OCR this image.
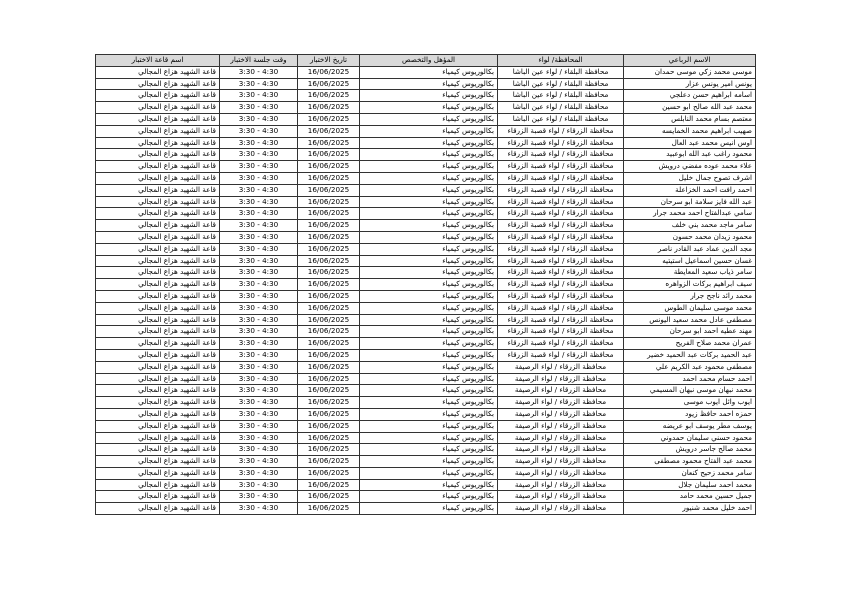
اسم قاعة الاختبار	وقت جلسة الاختبار	تاريخ الاختبار	المؤهل والتخصص	المحافظة/ لواء	الاسم الرباعي
قاعة الشهيد هزاع المجالي	3:30 - 4:30	16/06/2025	بكالوريوس كيمياء	محافظة البلقاء / لواء عين الباشا	موسى محمد زكي موسى حمدان
قاعة الشهيد هزاع المجالي	3:30 - 4:30	16/06/2025	بكالوريوس كيمياء	محافظة البلقاء / لواء عين الباشا	يونس امير يونس عزار
قاعة الشهيد هزاع المجالي	3:30 - 4:30	16/06/2025	بكالوريوس كيمياء	محافظة البلقاء / لواء عين الباشا	اسامه ابراهيم حسن دعلجي
قاعة الشهيد هزاع المجالي	3:30 - 4:30	16/06/2025	بكالوريوس كيمياء	محافظة البلقاء / لواء عين الباشا	محمد عبد الله صالح ابو حسين
قاعة الشهيد هزاع المجالي	3:30 - 4:30	16/06/2025	بكالوريوس كيمياء	محافظة البلقاء / لواء عين الباشا	معتصم بسام محمد النابلس
قاعة الشهيد هزاع المجالي	3:30 - 4:30	16/06/2025	بكالوريوس كيمياء	محافظة الزرقاء / لواء قصبة الزرقاء	صهيب ابراهيم محمد الخمايسه
قاعة الشهيد هزاع المجالي	3:30 - 4:30	16/06/2025	بكالوريوس كيمياء	محافظة الزرقاء / لواء قصبة الزرقاء	اوس انيس محمد عبد العال
قاعة الشهيد هزاع المجالي	3:30 - 4:30	16/06/2025	بكالوريوس كيمياء	محافظة الزرقاء / لواء قصبة الزرقاء	محمود راغب عبد الله ابوعبيد
قاعة الشهيد هزاع المجالي	3:30 - 4:30	16/06/2025	بكالوريوس كيمياء	محافظة الزرقاء / لواء قصبة الزرقاء	علاء محمد عوده مفضي درويش
قاعة الشهيد هزاع المجالي	3:30 - 4:30	16/06/2025	بكالوريوس كيمياء	محافظة الزرقاء / لواء قصبة الزرقاء	اشرف تصوح جمال خليل
قاعة الشهيد هزاع المجالي	3:30 - 4:30	16/06/2025	بكالوريوس كيمياء	محافظة الزرقاء / لواء قصبة الزرقاء	احمد رافت احمد الخزاعلة
قاعة الشهيد هزاع المجالي	3:30 - 4:30	16/06/2025	بكالوريوس كيمياء	محافظة الزرقاء / لواء قصبة الزرقاء	عبد الله فايز سلامة ابو سرحان
قاعة الشهيد هزاع المجالي	3:30 - 4:30	16/06/2025	بكالوريوس كيمياء	محافظة الزرقاء / لواء قصبة الزرقاء	سامي عبدالفتاح احمد محمد جرار
قاعة الشهيد هزاع المجالي	3:30 - 4:30	16/06/2025	بكالوريوس كيمياء	محافظة الزرقاء / لواء قصبة الزرقاء	سامر ماجد محمد بني خلف
قاعة الشهيد هزاع المجالي	3:30 - 4:30	16/06/2025	بكالوريوس كيمياء	محافظة الزرقاء / لواء قصبة الزرقاء	محمود زيدان محمد حسون
قاعة الشهيد هزاع المجالي	3:30 - 4:30	16/06/2025	بكالوريوس كيمياء	محافظة الزرقاء / لواء قصبة الزرقاء	مجد الدين عماد عبد القادر ناصر
قاعة الشهيد هزاع المجالي	3:30 - 4:30	16/06/2025	بكالوريوس كيمياء	محافظة الزرقاء / لواء قصبة الزرقاء	غسان حسين اسماعيل استيتيه
قاعة الشهيد هزاع المجالي	3:30 - 4:30	16/06/2025	بكالوريوس كيمياء	محافظة الزرقاء / لواء قصبة الزرقاء	سامر ذياب سعيد المعايطة
قاعة الشهيد هزاع المجالي	3:30 - 4:30	16/06/2025	بكالوريوس كيمياء	محافظة الزرقاء / لواء قصبة الزرقاء	سيف ابراهيم بركات الزواهره
قاعة الشهيد هزاع المجالي	3:30 - 4:30	16/06/2025	بكالوريوس كيمياء	محافظة الزرقاء / لواء قصبة الزرقاء	محمد رائد ناجح جرار
قاعة الشهيد هزاع المجالي	3:30 - 4:30	16/06/2025	بكالوريوس كيمياء	محافظة الزرقاء / لواء قصبة الزرقاء	محمد موسى سليمان الطوس
قاعة الشهيد هزاع المجالي	3:30 - 4:30	16/06/2025	بكالوريوس كيمياء	محافظة الزرقاء / لواء قصبة الزرقاء	مصطفى عادل محمد سعيد اليونس
قاعة الشهيد هزاع المجالي	3:30 - 4:30	16/06/2025	بكالوريوس كيمياء	محافظة الزرقاء / لواء قصبة الزرقاء	مهند عطيه احمد ابو سرحان
قاعة الشهيد هزاع المجالي	3:30 - 4:30	16/06/2025	بكالوريوس كيمياء	محافظة الزرقاء / لواء قصبة الزرقاء	عمران محمد صلاح الفريح
قاعة الشهيد هزاع المجالي	3:30 - 4:30	16/06/2025	بكالوريوس كيمياء	محافظة الزرقاء / لواء قصبة الزرقاء	عبد الحميد بركات عبد الحميد خضير
قاعة الشهيد هزاع المجالي	3:30 - 4:30	16/06/2025	بكالوريوس كيمياء	محافظة الزرقاء / لواء الرصيفة	مصطفى محمود عبد الكريم علي
قاعة الشهيد هزاع المجالي	3:30 - 4:30	16/06/2025	بكالوريوس كيمياء	محافظة الزرقاء / لواء الرصيفة	احمد حسام محمد احمد
قاعة الشهيد هزاع المجالي	3:30 - 4:30	16/06/2025	بكالوريوس كيمياء	محافظة الزرقاء / لواء الرصيفة	محمد نبهان موسى نبهان المسيمي
قاعة الشهيد هزاع المجالي	3:30 - 4:30	16/06/2025	بكالوريوس كيمياء	محافظة الزرقاء / لواء الرصيفة	ايوب وائل ايوب موسى
قاعة الشهيد هزاع المجالي	3:30 - 4:30	16/06/2025	بكالوريوس كيمياء	محافظة الزرقاء / لواء الرصيفة	حمزه احمد حافظ زيود
قاعة الشهيد هزاع المجالي	3:30 - 4:30	16/06/2025	بكالوريوس كيمياء	محافظة الزرقاء / لواء الرصيفة	يوسف مطر يوسف ابو عريضه
قاعة الشهيد هزاع المجالي	3:30 - 4:30	16/06/2025	بكالوريوس كيمياء	محافظة الزرقاء / لواء الرصيفة	محمود حسني سليمان حمدوني
قاعة الشهيد هزاع المجالي	3:30 - 4:30	16/06/2025	بكالوريوس كيمياء	محافظة الزرقاء / لواء الرصيفة	محمد صالح جاسر درويش
قاعة الشهيد هزاع المجالي	3:30 - 4:30	16/06/2025	بكالوريوس كيمياء	محافظة الزرقاء / لواء الرصيفة	محمد عبد الفتاح محمود مصطفى
قاعة الشهيد هزاع المجالي	3:30 - 4:30	16/06/2025	بكالوريوس كيمياء	محافظة الزرقاء / لواء الرصيفة	سامر محمد زحيح كنعان
قاعة الشهيد هزاع المجالي	3:30 - 4:30	16/06/2025	بكالوريوس كيمياء	محافظة الزرقاء / لواء الرصيفة	محمد احمد سليمان جلال
قاعة الشهيد هزاع المجالي	3:30 - 4:30	16/06/2025	بكالوريوس كيمياء	محافظة الزرقاء / لواء الرصيفة	جميل حسين محمد حامد
قاعة الشهيد هزاع المجالي	3:30 - 4:30	16/06/2025	بكالوريوس كيمياء	محافظة الزرقاء / لواء الرصيفة	احمد خليل محمد شنيور
